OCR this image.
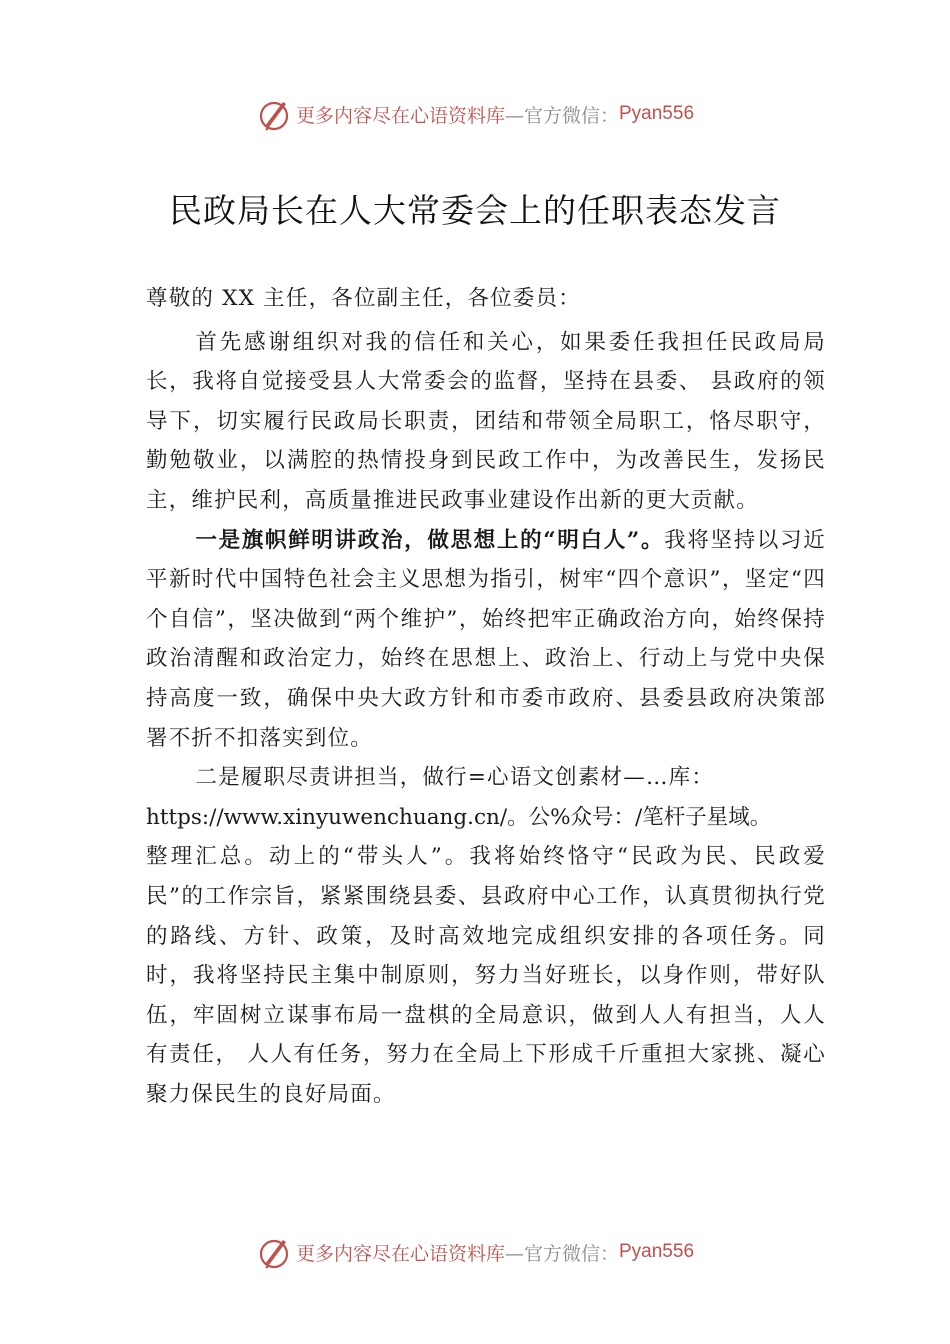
更多内容尽在心语资料库 —官方微信： Pyan556
民政局长在人大常委会上的任职表态发言

尊敬的 XX 主任，各位副主任，各位委员：

首先感谢组织对我的信任和关心，如果委任我担任民政局局长，我将自觉接受县人大常委会的监督，坚持在县委、 县政府的领导下，切实履行民政局长职责，团结和带领全局职工，恪尽职守，勤勉敬业，以满腔的热情投身到民政工作中，为改善民生，发扬民主，维护民利，高质量推进民政事业建设作出新的更大贡献。

一是旗帜鲜明讲政治，做思想上的“明白人”。我将坚持以习近平新时代中国特色社会主义思想为指引，树牢“四个意识”，坚定“四个自信”，坚决做到“两个维护”，始终把牢正确政治方向，始终保持政治清醒和政治定力，始终在思想上、政治上、行动上与党中央保持高度一致，确保中央大政方针和市委市政府、县委县政府决策部署不折不扣落实到位。

二是履职尽责讲担当，做行=心语文创素材—…库：

https://www.xinyuwenchuang.cn/。公%众号：/笔杆子星域。

整理汇总。动上的“带头人”。我将始终恪守“民政为民、民政爱民”的工作宗旨，紧紧围绕县委、县政府中心工作，认真贯彻执行党的路线、方针、政策，及时高效地完成组织安排的各项任务。同时，我将坚持民主集中制原则，努力当好班长，以身作则，带好队伍，牢固树立谋事布局一盘棋的全局意识，做到人人有担当，人人有责任， 人人有任务，努力在全局上下形成千斤重担大家挑、凝心聚力保民生的良好局面。

更多内容尽在心语资料库 —官方微信： Pyan556
